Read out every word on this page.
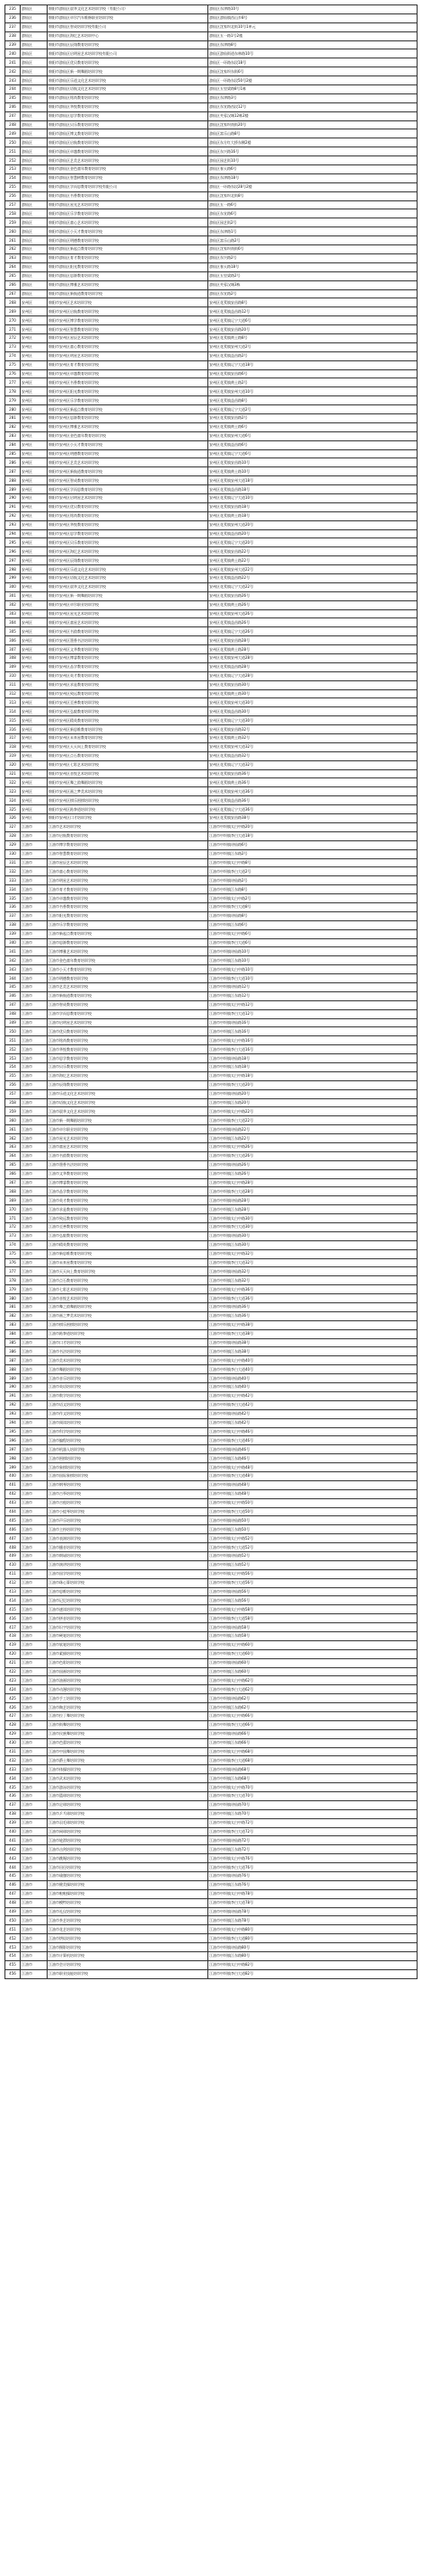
235	游仙区	绵阳市游仙区晨华文化艺术培训学校（有限公司）	游仙区东津路10号
236	游仙区	绵阳市游仙区卓尔汽车维修职业培训学校	游仙区游仙镇西山乡8号
237	游仙区	绵阳市游仙区智成培训学校有限公司	游仙区沈家坝北街10号1单元
238	游仙区	绵阳市游仙区海忆艺术培训中心	游仙区五一路1号2楼
239	游仙区	绵阳市游仙区辰翔教育培训学校	游仙区东津路8号
240	游仙区	绵阳市游仙区启明星艺术培训学校有限公司	游仙区游仙街道东林路10号
241	游仙区	绵阳市游仙区优贝教育培训学校	游仙区一环路东段18号
242	游仙区	绵阳市游仙区新一期舞蹈培训学校	游仙区沈家坝东街6号
243	游仙区	绵阳市游仙区乐道文化艺术培训学校	游仙区一环路东段50号2楼
244	游仙区	绵阳市游仙区语航文化艺术培训学校	游仙区五里梁路8号1栋
245	游仙区	绵阳市游仙区铭尚教育培训学校	游仙区东津路3号
246	游仙区	绵阳市游仙区华悦教育培训学校	游仙区东宣路西段12号
247	游仙区	绵阳市游仙区思学教育培训学校	游仙区芙蓉汉城12栋2楼
248	游仙区	绵阳市游仙区贝乐教育培训学校	游仙区沈家坝南街20号
249	游仙区	绵阳市游仙区博文教育培训学校	游仙区富乐山路8号
250	游仙区	绵阳市游仙区启航教育培训学校	游仙区东方红大桥东侧2楼
251	游仙区	绵阳市游仙区卓越教育培训学校	游仙区东兴路16号
252	游仙区	绵阳市游仙区艺美艺术培训学校	游仙区园艺街10号
253	游仙区	绵阳市游仙区金色童年教育培训学校	游仙区春天路6号
254	游仙区	绵阳市游仙区智慧树教育培训学校	游仙区东津路18号
255	游仙区	绵阳市游仙区学而思教育培训学校有限公司	游仙区一环路东段28号2楼
256	游仙区	绵阳市游仙区书香教育培训学校	游仙区沈家坝北街8号
257	游仙区	绵阳市游仙区星光艺术培训学校	游仙区五一路6号
258	游仙区	绵阳市游仙区乐学教育培训学校	游仙区东宣路6号
259	游仙区	绵阳市游仙区童心艺术培训学校	游仙区园艺街2号
260	游仙区	绵阳市游仙区小天才教育培训学校	游仙区东津路1号
261	游仙区	绵阳市游仙区明德教育培训学校	游仙区富乐山路2号
262	游仙区	绵阳市游仙区新起点教育培训学校	游仙区沈家坝南街6号
263	游仙区	绵阳市游仙区育才教育培训学校	游仙区东兴路2号
264	游仙区	绵阳市游仙区阳光教育培训学校	游仙区春天路18号
265	游仙区	绵阳市游仙区思源教育培训学校	游仙区五里梁路2号
266	游仙区	绵阳市游仙区博雅艺术培训学校	游仙区芙蓉汉城3栋
267	游仙区	绵阳市游仙区新航道教育培训学校	游仙区东宣路2号
268	安州区	绵阳市安州区艺术培训学校	安州区花荄镇安昌路8号
269	安州区	绵阳市安州区启航教育培训学校	安州区花荄镇益昌路12号
270	安州区	绵阳市安州区博学教育培训学校	安州区花荄镇辽宁大道6号
271	安州区	绵阳市安州区智慧教育培训学校	安州区花荄镇安昌路20号
272	安州区	绵阳市安州区星辰艺术培训学校	安州区花荄镇黄土路8号
273	安州区	绵阳市安州区童心教育培训学校	安州区花荄镇安州大道2号
274	安州区	绵阳市安州区明星艺术培训学校	安州区花荄镇益昌路2号
275	安州区	绵阳市安州区育才教育培训学校	安州区花荄镇辽宁大道18号
276	安州区	绵阳市安州区卓越教育培训学校	安州区花荄镇安昌路6号
277	安州区	绵阳市安州区书香教育培训学校	安州区花荄镇黄土路2号
278	安州区	绵阳市安州区阳光教育培训学校	安州区花荄镇安州大道10号
279	安州区	绵阳市安州区乐学教育培训学校	安州区花荄镇益昌路8号
280	安州区	绵阳市安州区新起点教育培训学校	安州区花荄镇辽宁大道2号
281	安州区	绵阳市安州区思源教育培训学校	安州区花荄镇安昌路2号
282	安州区	绵阳市安州区博雅艺术培训学校	安州区花荄镇黄土路6号
283	安州区	绵阳市安州区金色童年教育培训学校	安州区花荄镇安州大道6号
284	安州区	绵阳市安州区小天才教育培训学校	安州区花荄镇益昌路6号
285	安州区	绵阳市安州区明德教育培训学校	安州区花荄镇辽宁大道6号
286	安州区	绵阳市安州区艺美艺术培训学校	安州区花荄镇安昌路10号
287	安州区	绵阳市安州区新航道教育培训学校	安州区花荄镇黄土路10号
288	安州区	绵阳市安州区智成教育培训学校	安州区花荄镇安州大道18号
289	安州区	绵阳市安州区学而思教育培训学校	安州区花荄镇益昌路18号
290	安州区	绵阳市安州区启明星艺术培训学校	安州区花荄镇辽宁大道10号
291	安州区	绵阳市安州区优贝教育培训学校	安州区花荄镇安昌路18号
292	安州区	绵阳市安州区铭尚教育培训学校	安州区花荄镇黄土路18号
293	安州区	绵阳市安州区华悦教育培训学校	安州区花荄镇安州大道20号
294	安州区	绵阳市安州区思学教育培训学校	安州区花荄镇益昌路20号
295	安州区	绵阳市安州区贝乐教育培训学校	安州区花荄镇辽宁大道20号
296	安州区	绵阳市安州区海忆艺术培训学校	安州区花荄镇安昌路22号
297	安州区	绵阳市安州区辰翔教育培训学校	安州区花荄镇黄土路22号
298	安州区	绵阳市安州区乐道文化艺术培训学校	安州区花荄镇安州大道22号
299	安州区	绵阳市安州区语航文化艺术培训学校	安州区花荄镇益昌路22号
300	安州区	绵阳市安州区晨华文化艺术培训学校	安州区花荄镇辽宁大道22号
301	安州区	绵阳市安州区新一期舞蹈培训学校	安州区花荄镇安昌路26号
302	安州区	绵阳市安州区卓尔职业培训学校	安州区花荄镇黄土路26号
303	安州区	绵阳市安州区星光艺术培训学校	安州区花荄镇安州大道26号
304	安州区	绵阳市安州区童星艺术培训学校	安州区花荄镇益昌路26号
305	安州区	绵阳市安州区书韵教育培训学校	安州区花荄镇辽宁大道26号
306	安州区	绵阳市安州区墨香书法培训学校	安州区花荄镇安昌路28号
307	安州区	绵阳市安州区文华教育培训学校	安州区花荄镇黄土路28号
308	安州区	绵阳市安州区博睿教育培训学校	安州区花荄镇安州大道28号
309	安州区	绵阳市安州区品学教育培训学校	安州区花荄镇益昌路28号
310	安州区	绵阳市安州区英才教育培训学校	安州区花荄镇辽宁大道28号
311	安州区	绵阳市安州区求是教育培训学校	安州区花荄镇安昌路30号
312	安州区	绵阳市安州区致远教育培训学校	安州区花荄镇黄土路30号
313	安州区	绵阳市安州区至善教育培训学校	安州区花荄镇安州大道30号
314	安州区	绵阳市安州区弘毅教育培训学校	安州区花荄镇益昌路30号
315	安州区	绵阳市安州区精英教育培训学校	安州区花荄镇辽宁大道30号
316	安州区	绵阳市安州区新思维教育培训学校	安州区花荄镇安昌路32号
317	安州区	绵阳市安州区未来星教育培训学校	安州区花荄镇黄土路32号
318	安州区	绵阳市安州区天天向上教育培训学校	安州区花荄镇安州大道32号
319	安州区	绵阳市安州区点石教育培训学校	安州区花荄镇益昌路32号
320	安州区	绵阳市安州区七彩艺术培训学校	安州区花荄镇辽宁大道32号
321	安州区	绵阳市安州区音悦艺术培训学校	安州区花荄镇安昌路36号
322	安州区	绵阳市安州区舞之韵舞蹈培训学校	安州区花荄镇黄土路36号
323	安州区	绵阳市安州区画之梦美术培训学校	安州区花荄镇安州大道36号
324	安州区	绵阳市安州区棋乐围棋培训学校	安州区花荄镇益昌路36号
325	安州区	绵阳市安州区跆拳道培训学校	安州区花荄镇辽宁大道36号
326	安州区	绵阳市安州区口才培训学校	安州区花荄镇安昌路38号
327	江油市	江油市艺术培训学校	江油市中坝镇太白中路20号
328	江油市	江油市启航教育培训学校	江油市中坝镇李白大道18号
329	江油市	江油市博学教育培训学校	江油市中坝镇诗仙路6号
330	江油市	江油市智慧教育培训学校	江油市中坝镇江东路2号
331	江油市	江油市星辰艺术培训学校	江油市中坝镇太白中路8号
332	江油市	江油市童心教育培训学校	江油市中坝镇李白大道2号
333	江油市	江油市明星艺术培训学校	江油市中坝镇诗仙路2号
334	江油市	江油市育才教育培训学校	江油市中坝镇江东路8号
335	江油市	江油市卓越教育培训学校	江油市中坝镇太白中路2号
336	江油市	江油市书香教育培训学校	江油市中坝镇李白大道8号
337	江油市	江油市阳光教育培训学校	江油市中坝镇诗仙路8号
338	江油市	江油市乐学教育培训学校	江油市中坝镇江东路6号
339	江油市	江油市新起点教育培训学校	江油市中坝镇太白中路6号
340	江油市	江油市思源教育培训学校	江油市中坝镇李白大道6号
341	江油市	江油市博雅艺术培训学校	江油市中坝镇诗仙路10号
342	江油市	江油市金色童年教育培训学校	江油市中坝镇江东路10号
343	江油市	江油市小天才教育培训学校	江油市中坝镇太白中路10号
344	江油市	江油市明德教育培训学校	江油市中坝镇李白大道10号
345	江油市	江油市艺美艺术培训学校	江油市中坝镇诗仙路12号
346	江油市	江油市新航道教育培训学校	江油市中坝镇江东路12号
347	江油市	江油市智成教育培训学校	江油市中坝镇太白中路12号
348	江油市	江油市学而思教育培训学校	江油市中坝镇李白大道12号
349	江油市	江油市启明星艺术培训学校	江油市中坝镇诗仙路16号
350	江油市	江油市优贝教育培训学校	江油市中坝镇江东路16号
351	江油市	江油市铭尚教育培训学校	江油市中坝镇太白中路16号
352	江油市	江油市华悦教育培训学校	江油市中坝镇李白大道16号
353	江油市	江油市思学教育培训学校	江油市中坝镇诗仙路18号
354	江油市	江油市贝乐教育培训学校	江油市中坝镇江东路18号
355	江油市	江油市海忆艺术培训学校	江油市中坝镇太白中路18号
356	江油市	江油市辰翔教育培训学校	江油市中坝镇李白大道20号
357	江油市	江油市乐道文化艺术培训学校	江油市中坝镇诗仙路20号
358	江油市	江油市语航文化艺术培训学校	江油市中坝镇江东路20号
359	江油市	江油市晨华文化艺术培训学校	江油市中坝镇太白中路22号
360	江油市	江油市新一期舞蹈培训学校	江油市中坝镇李白大道22号
361	江油市	江油市卓尔职业培训学校	江油市中坝镇诗仙路22号
362	江油市	江油市星光艺术培训学校	江油市中坝镇江东路22号
363	江油市	江油市童星艺术培训学校	江油市中坝镇太白中路26号
364	江油市	江油市书韵教育培训学校	江油市中坝镇李白大道26号
365	江油市	江油市墨香书法培训学校	江油市中坝镇诗仙路26号
366	江油市	江油市文华教育培训学校	江油市中坝镇江东路26号
367	江油市	江油市博睿教育培训学校	江油市中坝镇太白中路28号
368	江油市	江油市品学教育培训学校	江油市中坝镇李白大道28号
369	江油市	江油市英才教育培训学校	江油市中坝镇诗仙路28号
370	江油市	江油市求是教育培训学校	江油市中坝镇江东路28号
371	江油市	江油市致远教育培训学校	江油市中坝镇太白中路30号
372	江油市	江油市至善教育培训学校	江油市中坝镇李白大道30号
373	江油市	江油市弘毅教育培训学校	江油市中坝镇诗仙路30号
374	江油市	江油市精英教育培训学校	江油市中坝镇江东路30号
375	江油市	江油市新思维教育培训学校	江油市中坝镇太白中路32号
376	江油市	江油市未来星教育培训学校	江油市中坝镇李白大道32号
377	江油市	江油市天天向上教育培训学校	江油市中坝镇诗仙路32号
378	江油市	江油市点石教育培训学校	江油市中坝镇江东路32号
379	江油市	江油市七彩艺术培训学校	江油市中坝镇太白中路36号
380	江油市	江油市音悦艺术培训学校	江油市中坝镇李白大道36号
381	江油市	江油市舞之韵舞蹈培训学校	江油市中坝镇诗仙路36号
382	江油市	江油市画之梦美术培训学校	江油市中坝镇江东路36号
383	江油市	江油市棋乐围棋培训学校	江油市中坝镇太白中路38号
384	江油市	江油市跆拳道培训学校	江油市中坝镇李白大道38号
385	江油市	江油市口才培训学校	江油市中坝镇诗仙路38号
386	江油市	江油市书法培训学校	江油市中坝镇江东路38号
387	江油市	江油市美术培训学校	江油市中坝镇太白中路40号
388	江油市	江油市舞蹈培训学校	江油市中坝镇李白大道40号
389	江油市	江油市音乐培训学校	江油市中坝镇诗仙路40号
390	江油市	江油市英语培训学校	江油市中坝镇江东路40号
391	江油市	江油市数学培训学校	江油市中坝镇太白中路42号
392	江油市	江油市语文培训学校	江油市中坝镇李白大道42号
393	江油市	江油市作文培训学校	江油市中坝镇诗仙路42号
394	江油市	江油市阅读培训学校	江油市中坝镇江东路42号
395	江油市	江油市科学培训学校	江油市中坝镇太白中路46号
396	江油市	江油市编程培训学校	江油市中坝镇李白大道46号
397	江油市	江油市机器人培训学校	江油市中坝镇诗仙路46号
398	江油市	江油市围棋培训学校	江油市中坝镇江东路46号
399	江油市	江油市象棋培训学校	江油市中坝镇太白中路48号
400	江油市	江油市国际象棋培训学校	江油市中坝镇李白大道48号
401	江油市	江油市钢琴培训学校	江油市中坝镇诗仙路48号
402	江油市	江油市古筝培训学校	江油市中坝镇江东路48号
403	江油市	江油市吉他培训学校	江油市中坝镇太白中路50号
404	江油市	江油市小提琴培训学校	江油市中坝镇李白大道50号
405	江油市	江油市声乐培训学校	江油市中坝镇诗仙路50号
406	江油市	江油市主持培训学校	江油市中坝镇江东路50号
407	江油市	江油市表演培训学校	江油市中坝镇太白中路52号
408	江油市	江油市播音培训学校	江油市中坝镇李白大道52号
409	江油市	江油市朗诵培训学校	江油市中坝镇诗仙路52号
410	江油市	江油市演讲培训学校	江油市中坝镇江东路52号
411	江油市	江油市国学培训学校	江油市中坝镇太白中路56号
412	江油市	江油市珠心算培训学校	江油市中坝镇李白大道56号
413	江油市	江油市思维培训学校	江油市中坝镇诗仙路56号
414	江油市	江油市记忆培训学校	江油市中坝镇江东路56号
415	江油市	江油市速读培训学校	江油市中坝镇太白中路58号
416	江油市	江油市拼音培训学校	江油市中坝镇李白大道58号
417	江油市	江油市识字培训学校	江油市中坝镇诗仙路58号
418	江油市	江油市硬笔培训学校	江油市中坝镇江东路58号
419	江油市	江油市软笔培训学校	江油市中坝镇太白中路60号
420	江油市	江油市素描培训学校	江油市中坝镇李白大道60号
421	江油市	江油市色彩培训学校	江油市中坝镇诗仙路60号
422	江油市	江油市国画培训学校	江油市中坝镇江东路60号
423	江油市	江油市油画培训学校	江油市中坝镇太白中路62号
424	江油市	江油市动漫培训学校	江油市中坝镇李白大道62号
425	江油市	江油市手工培训学校	江油市中坝镇诗仙路62号
426	江油市	江油市陶艺培训学校	江油市中坝镇江东路62号
427	江油市	江油市拉丁舞培训学校	江油市中坝镇太白中路66号
428	江油市	江油市街舞培训学校	江油市中坝镇李白大道66号
429	江油市	江油市民族舞培训学校	江油市中坝镇诗仙路66号
430	江油市	江油市芭蕾培训学校	江油市中坝镇江东路66号
431	江油市	江油市中国舞培训学校	江油市中坝镇太白中路68号
432	江油市	江油市爵士舞培训学校	江油市中坝镇李白大道68号
433	江油市	江油市体操培训学校	江油市中坝镇诗仙路68号
434	江油市	江油市武术培训学校	江油市中坝镇江东路68号
435	江油市	江油市游泳培训学校	江油市中坝镇太白中路70号
436	江油市	江油市篮球培训学校	江油市中坝镇李白大道70号
437	江油市	江油市足球培训学校	江油市中坝镇诗仙路70号
438	江油市	江油市乒乓球培训学校	江油市中坝镇江东路70号
439	江油市	江油市羽毛球培训学校	江油市中坝镇太白中路72号
440	江油市	江油市网球培训学校	江油市中坝镇李白大道72号
441	江油市	江油市轮滑培训学校	江油市中坝镇诗仙路72号
442	江油市	江油市击剑培训学校	江油市中坝镇江东路72号
443	江油市	江油市跳绳培训学校	江油市中坝镇太白中路76号
444	江油市	江油市田径培训学校	江油市中坝镇李白大道76号
445	江油市	江油市瑜伽培训学校	江油市中坝镇诗仙路76号
446	江油市	江油市健美操培训学校	江油市中坝镇江东路76号
447	江油市	江油市啦啦操培训学校	江油市中坝镇太白中路78号
448	江油市	江油市模特培训学校	江油市中坝镇李白大道78号
449	江油市	江油市礼仪培训学校	江油市中坝镇诗仙路78号
450	江油市	江油市茶艺培训学校	江油市中坝镇江东路78号
451	江油市	江油市花艺培训学校	江油市中坝镇太白中路80号
452	江油市	江油市烘焙培训学校	江油市中坝镇李白大道80号
453	江油市	江油市摄影培训学校	江油市中坝镇诗仙路80号
454	江油市	江油市计算机培训学校	江油市中坝镇江东路80号
455	江油市	江油市会计培训学校	江油市中坝镇太白中路82号
456	江油市	江油市职业技能培训学校	江油市中坝镇李白大道82号
